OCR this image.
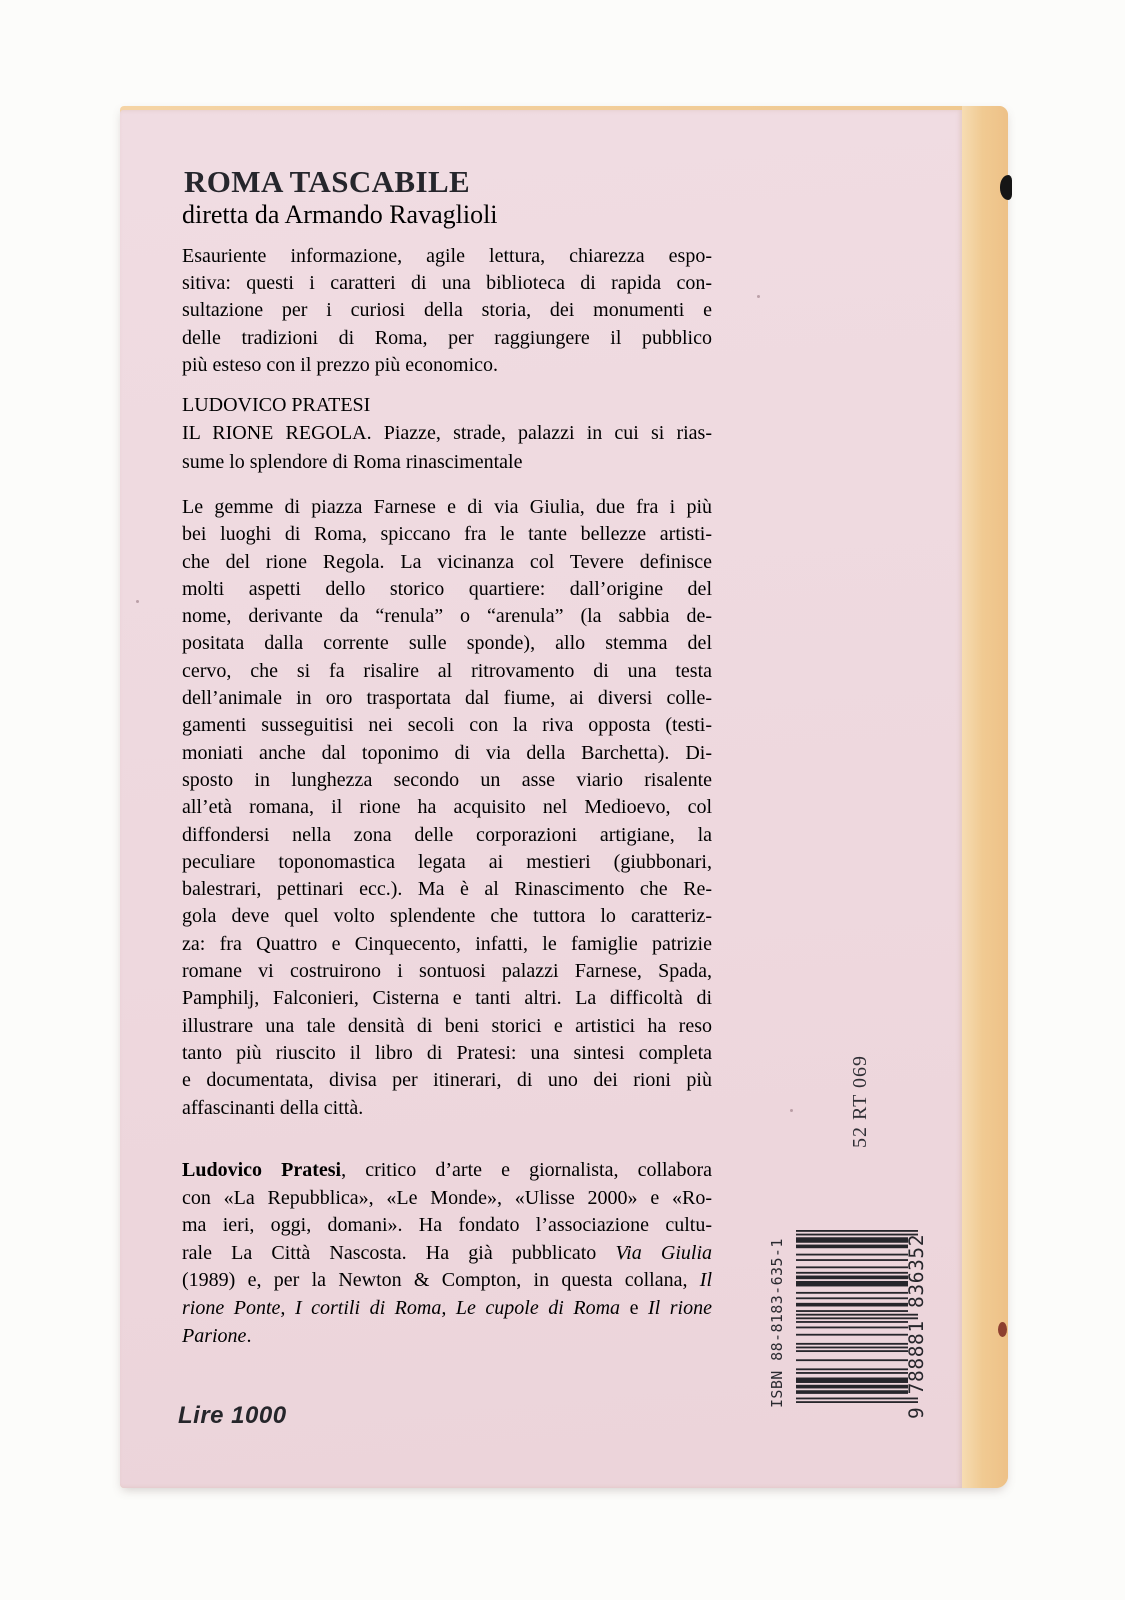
ROMA TASCABILE
diretta da Armando Ravaglioli
Esauriente informazione, agile lettura, chiarezza espo-
sitiva: questi i caratteri di una biblioteca di rapida con-
sultazione per i curiosi della storia, dei monumenti e
delle tradizioni di Roma, per raggiungere il pubblico
più esteso con il prezzo più economico.
LUDOVICO PRATESI
IL RIONE REGOLA. Piazze, strade, palazzi in cui si rias-
sume lo splendore di Roma rinascimentale
Le gemme di piazza Farnese e di via Giulia, due fra i più
bei luoghi di Roma, spiccano fra le tante bellezze artisti-
che del rione Regola. La vicinanza col Tevere definisce
molti aspetti dello storico quartiere: dall’origine del
nome, derivante da “renula” o “arenula” (la sabbia de-
positata dalla corrente sulle sponde), allo stemma del
cervo, che si fa risalire al ritrovamento di una testa
dell’animale in oro trasportata dal fiume, ai diversi colle-
gamenti susseguitisi nei secoli con la riva opposta (testi-
moniati anche dal toponimo di via della Barchetta). Di-
sposto in lunghezza secondo un asse viario risalente
all’età romana, il rione ha acquisito nel Medioevo, col
diffondersi nella zona delle corporazioni artigiane, la
peculiare toponomastica legata ai mestieri (giubbonari,
balestrari, pettinari ecc.). Ma è al Rinascimento che Re-
gola deve quel volto splendente che tuttora lo caratteriz-
za: fra Quattro e Cinquecento, infatti, le famiglie patrizie
romane vi costruirono i sontuosi palazzi Farnese, Spada,
Pamphilj, Falconieri, Cisterna e tanti altri. La difficoltà di
illustrare una tale densità di beni storici e artistici ha reso
tanto più riuscito il libro di Pratesi: una sintesi completa
e documentata, divisa per itinerari, di uno dei rioni più
affascinanti della città.
Ludovico Pratesi, critico d’arte e giornalista, collabora
con «La Repubblica», «Le Monde», «Ulisse 2000» e «Ro-
ma ieri, oggi, domani». Ha fondato l’associazione cultu-
rale La Città Nascosta. Ha già pubblicato Via Giulia
(1989) e, per la Newton & Compton, in questa collana, Il
rione Ponte, I cortili di Roma, Le cupole di Roma e Il rione
Parione.
Lire 1000
52 RT 069
ISBN 88-8183-635-1	9 788881 836352
